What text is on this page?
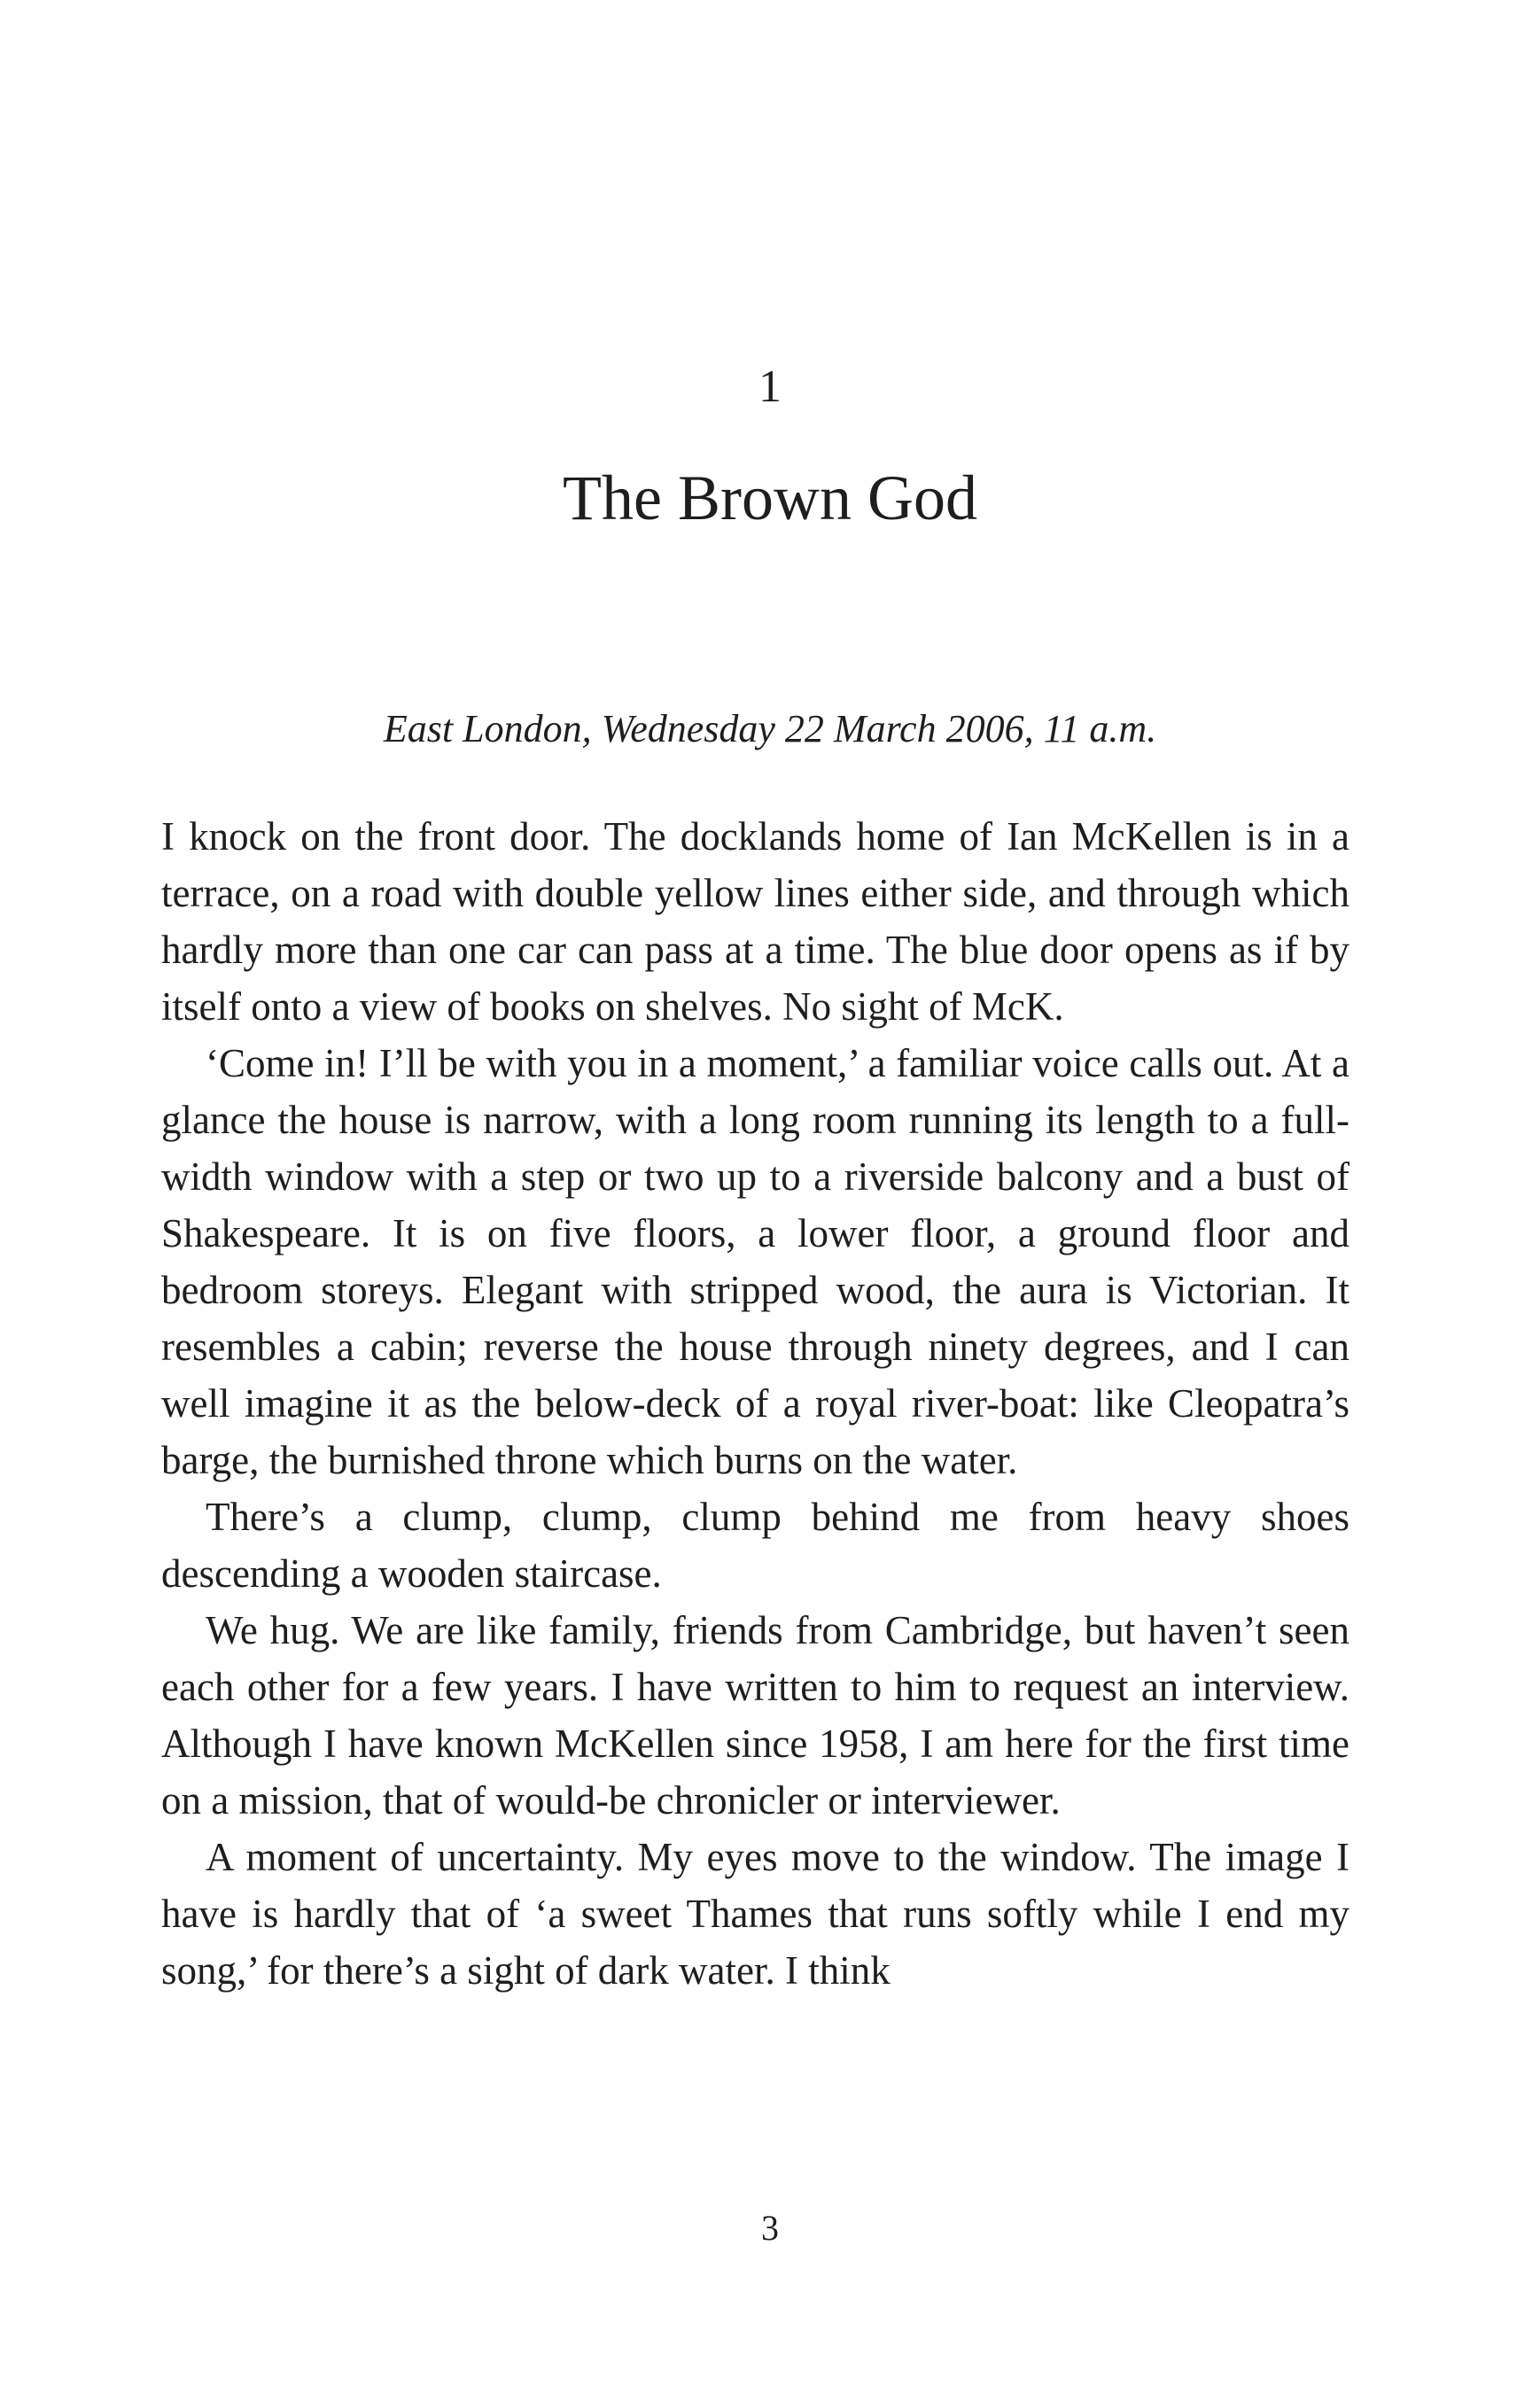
1
The Brown God
East London, Wednesday 22 March 2006, 11 a.m.

I knock on the front door. The docklands home of Ian McKellen is in a terrace, on a road with double yellow lines either side, and through which hardly more than one car can pass at a time. The blue door opens as if by itself onto a view of books on shelves. No sight of McK.

‘Come in! I’ll be with you in a moment,’ a familiar voice calls out. At a glance the house is narrow, with a long room running its length to a full-width window with a step or two up to a riverside balcony and a bust of Shakespeare. It is on five floors, a lower floor, a ground floor and bedroom storeys. Elegant with stripped wood, the aura is Victorian. It resembles a cabin; reverse the house through ninety degrees, and I can well imagine it as the below-deck of a royal river-boat: like Cleopatra’s barge, the burnished throne which burns on the water.

There’s a clump, clump, clump behind me from heavy shoes descending a wooden staircase.

We hug. We are like family, friends from Cambridge, but haven’t seen each other for a few years. I have written to him to request an interview. Although I have known McKellen since 1958, I am here for the first time on a mission, that of would-be chronicler or interviewer.

A moment of uncertainty. My eyes move to the window. The image I have is hardly that of ‘a sweet Thames that runs softly while I end my song,’ for there’s a sight of dark water. I think

3
